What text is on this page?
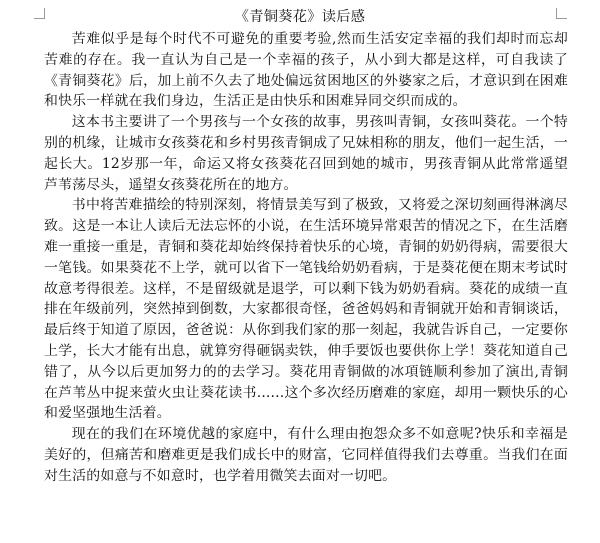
《青铜葵花》读后感

苦难似乎是每个时代不可避免的重要考验,然而生活安定幸福的我们却时而忘却苦难的存在。我一直认为自己是一个幸福的孩子，从小到大都是这样，可自我读了《青铜葵花》后，加上前不久去了地处偏远贫困地区的外婆家之后，才意识到在困难和快乐一样就在我们身边，生活正是由快乐和困难异同交织而成的。

这本书主要讲了一个男孩与一个女孩的故事，男孩叫青铜，女孩叫葵花。一个特别的机缘，让城市女孩葵花和乡村男孩青铜成了兄妹相称的朋友，他们一起生活，一起长大。12岁那一年，命运又将女孩葵花召回到她的城市，男孩青铜从此常常遥望芦苇荡尽头，遥望女孩葵花所在的地方。

书中将苦难描绘的特别深刻，将情景美写到了极致，又将爱之深切刻画得淋漓尽致。这是一本让人读后无法忘怀的小说，在生活环境异常艰苦的情况之下，在生活磨难一重接一重是，青铜和葵花却始终保持着快乐的心境，青铜的奶奶得病，需要很大一笔钱。如果葵花不上学，就可以省下一笔钱给奶奶看病，于是葵花便在期末考试时故意考得很差。这样，不是留级就是退学，可以剩下钱为奶奶看病。葵花的成绩一直排在年级前列，突然掉到倒数，大家都很奇怪，爸爸妈妈和青铜就开始和青铜谈话，最后终于知道了原因，爸爸说：从你到我们家的那一刻起，我就告诉自己，一定要你上学，长大才能有出息，就算穷得砸锅卖铁，伸手要饭也要供你上学！葵花知道自己错了，从今以后更加努力的的去学习。葵花用青铜做的冰項链顺利参加了演出,青铜在芦苇丛中捉来萤火虫让葵花读书......这个多次经历磨难的家庭，却用一颗快乐的心和爱坚强地生活着。

现在的我们在环境优越的家庭中，有什么理由抱怨众多不如意呢?快乐和幸福是美好的，但痛苦和磨难更是我们成长中的财富，它同样值得我们去尊重。当我们在面对生活的如意与不如意时，也学着用微笑去面对一切吧。
